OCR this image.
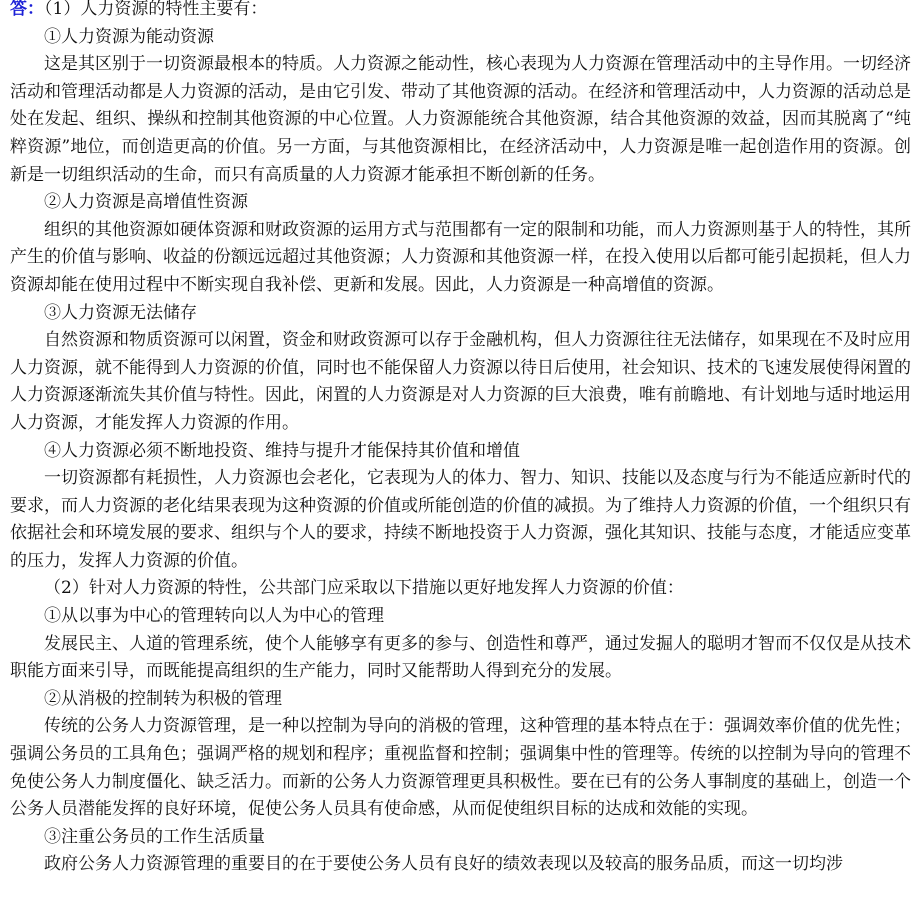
答：（1）人力资源的特性主要有：

①人力资源为能动资源

这是其区别于一切资源最根本的特质。人力资源之能动性，核心表现为人力资源在管理活动中的主导作用。一切经济活动和管理活动都是人力资源的活动，是由它引发、带动了其他资源的活动。在经济和管理活动中，人力资源的活动总是处在发起、组织、操纵和控制其他资源的中心位置。人力资源能统合其他资源，结合其他资源的效益，因而其脱离了“纯粹资源”地位，而创造更高的价值。另一方面，与其他资源相比，在经济活动中，人力资源是唯一起创造作用的资源。创新是一切组织活动的生命，而只有高质量的人力资源才能承担不断创新的任务。

②人力资源是高增值性资源

组织的其他资源如硬体资源和财政资源的运用方式与范围都有一定的限制和功能，而人力资源则基于人的特性，其所产生的价值与影响、收益的份额远远超过其他资源；人力资源和其他资源一样，在投入使用以后都可能引起损耗，但人力资源却能在使用过程中不断实现自我补偿、更新和发展。因此，人力资源是一种高增值的资源。

③人力资源无法储存

自然资源和物质资源可以闲置，资金和财政资源可以存于金融机构，但人力资源往往无法储存，如果现在不及时应用人力资源，就不能得到人力资源的价值，同时也不能保留人力资源以待日后使用，社会知识、技术的飞速发展使得闲置的人力资源逐渐流失其价值与特性。因此，闲置的人力资源是对人力资源的巨大浪费，唯有前瞻地、有计划地与适时地运用人力资源，才能发挥人力资源的作用。

④人力资源必须不断地投资、维持与提升才能保持其价值和增值

一切资源都有耗损性，人力资源也会老化，它表现为人的体力、智力、知识、技能以及态度与行为不能适应新时代的要求，而人力资源的老化结果表现为这种资源的价值或所能创造的价值的减损。为了维持人力资源的价值，一个组织只有依据社会和环境发展的要求、组织与个人的要求，持续不断地投资于人力资源，强化其知识、技能与态度，才能适应变革的压力，发挥人力资源的价值。

（2）针对人力资源的特性，公共部门应采取以下措施以更好地发挥人力资源的价值：

①从以事为中心的管理转向以人为中心的管理

发展民主、人道的管理系统，使个人能够享有更多的参与、创造性和尊严，通过发掘人的聪明才智而不仅仅是从技术职能方面来引导，而既能提高组织的生产能力，同时又能帮助人得到充分的发展。

②从消极的控制转为积极的管理

传统的公务人力资源管理，是一种以控制为导向的消极的管理，这种管理的基本特点在于：强调效率价值的优先性；强调公务员的工具角色；强调严格的规划和程序；重视监督和控制；强调集中性的管理等。传统的以控制为导向的管理不免使公务人力制度僵化、缺乏活力。而新的公务人力资源管理更具积极性。要在已有的公务人事制度的基础上，创造一个公务人员潜能发挥的良好环境，促使公务人员具有使命感，从而促使组织目标的达成和效能的实现。

③注重公务员的工作生活质量

政府公务人力资源管理的重要目的在于要使公务人员有良好的绩效表现以及较高的服务品质，而这一切均涉
